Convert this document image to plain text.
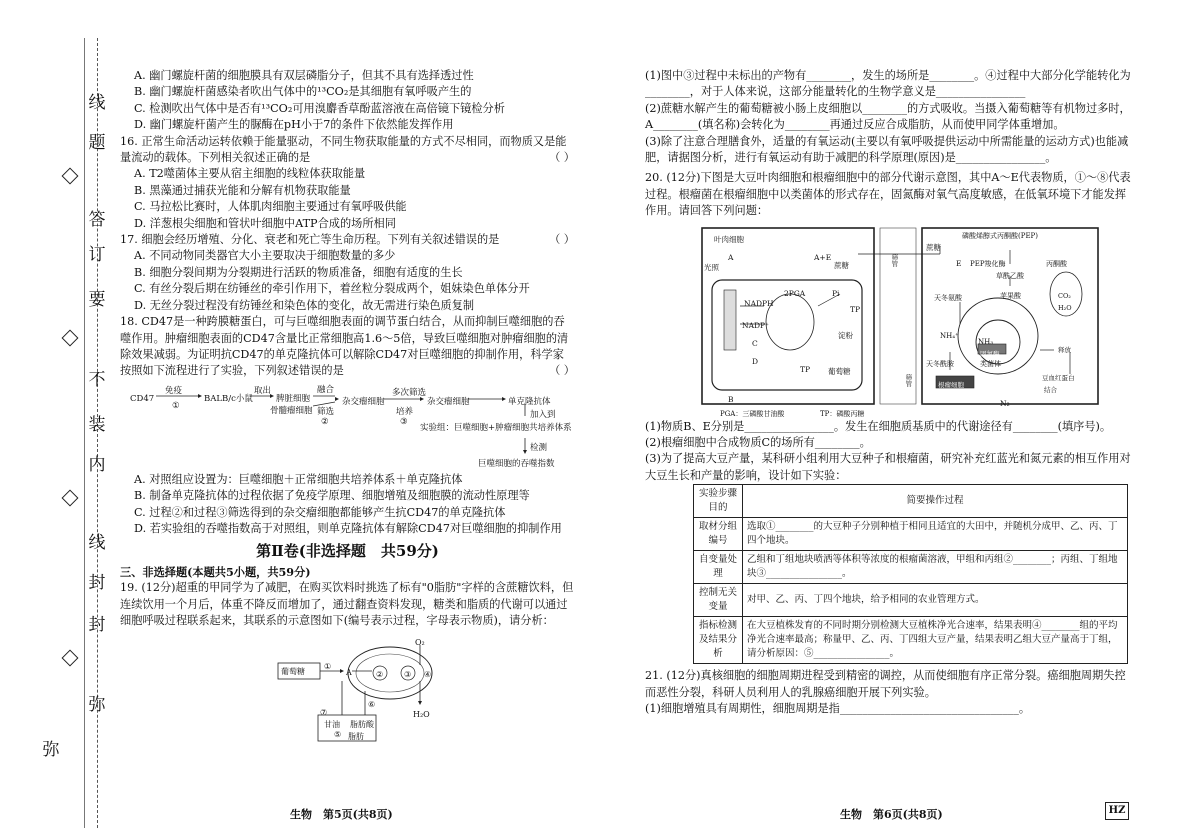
线
题
答
订
要
不
装
内
线
封
封
弥
弥

A. 幽门螺旋杆菌的细胞膜具有双层磷脂分子，但其不具有选择透过性

B. 幽门螺旋杆菌感染者吹出气体中的¹³CO₂是其细胞有氧呼吸产生的

C. 检测吹出气体中是否有¹³CO₂可用溴麝香草酚蓝溶液在高倍镜下镜检分析

D. 幽门螺旋杆菌产生的脲酶在pH小于7的条件下依然能发挥作用

16. 正常生命活动运转依赖于能量驱动，不同生物获取能量的方式不尽相同，而物质又是能量流动的载体。下列相关叙述正确的是	（ ）

A. T2噬菌体主要从宿主细胞的线粒体获取能量

B. 黑藻通过捕获光能和分解有机物获取能量

C. 马拉松比赛时，人体肌肉细胞主要通过有氧呼吸供能

D. 洋葱根尖细胞和管状叶细胞中ATP合成的场所相同

17. 细胞会经历增殖、分化、衰老和死亡等生命历程。下列有关叙述错误的是	（ ）

A. 不同动物同类器官大小主要取决于细胞数量的多少

B. 细胞分裂间期为分裂期进行活跃的物质准备，细胞有适度的生长

C. 有丝分裂后期在纺锤丝的牵引作用下，着丝粒分裂成两个，姐妹染色单体分开

D. 无丝分裂过程没有纺锤丝和染色体的变化，故无需进行染色质复制

18. CD47是一种跨膜糖蛋白，可与巨噬细胞表面的调节蛋白结合，从而抑制巨噬细胞的吞噬作用。肿瘤细胞表面的CD47含量比正常细胞高1.6～5倍，导致巨噬细胞对肿瘤细胞的清除效果减弱。为证明抗CD47的单克隆抗体可以解除CD47对巨噬细胞的抑制作用，科学家按照如下流程进行了实验，下列叙述错误的是	（ ）

CD47
免疫
①
BALB/c小鼠
取出
脾脏细胞
骨髓瘤细胞
融合
筛选
②
杂交瘤细胞
多次筛选
培养
③
杂交瘤细胞	单克隆抗体
加入到
实验组：巨噬细胞+肿瘤细胞共培养体系
检测
巨噬细胞的吞噬指数

A. 对照组应设置为：巨噬细胞＋正常细胞共培养体系＋单克隆抗体

B. 制备单克隆抗体的过程依据了免疫学原理、细胞增殖及细胞膜的流动性原理等

C. 过程②和过程③筛选得到的杂交瘤细胞都能够产生抗CD47的单克隆抗体

D. 若实验组的吞噬指数高于对照组，则单克隆抗体有解除CD47对巨噬细胞的抑制作用

第Ⅱ卷(非选择题　共59分)

三、非选择题(本题共5小题，共59分)

19. (12分)超重的甲同学为了减肥，在购买饮料时挑选了标有"0脂肪"字样的含蔗糖饮料，但连续饮用一个月后，体重不降反而增加了，通过翻查资料发现，糖类和脂质的代谢可以通过细胞呼吸过程联系起来，其联系的示意图如下(编号表示过程，字母表示物质)，请分析：

葡萄糖	A
①
②	③ ④
⑦
⑥
O₂
H₂O
甘油 脂肪酸
⑤ 脂肪
生物　第5页(共8页)

(1)图中③过程中未标出的产物有________，发生的场所是________。④过程中大部分化学能转化为________，对于人体来说，这部分能量转化的生物学意义是________________

(2)蔗糖水解产生的葡萄糖被小肠上皮细胞以________的方式吸收。当摄入葡萄糖等有机物过多时，A________(填名称)会转化为________再通过反应合成脂肪，从而使甲同学体重增加。

(3)除了注意合理膳食外，适量的有氧运动(主要以有氧呼吸提供运动中所需能量的运动方式)也能减肥，请据图分析，进行有氧运动有助于减肥的科学原理(原因)是________________。

20. (12分)下图是大豆叶肉细胞和根瘤细胞中的部分代谢示意图，其中A～E代表物质，①～⑧代表过程。根瘤菌在根瘤细胞中以类菌体的形式存在，固氮酶对氧气高度敏感，在低氧环境下才能发挥作用。请回答下列问题：

叶肉细胞
光照
A	A+E
NADPH
NADP⁺
2PGA
C
D
TP
TP
Pi
B
蔗糖
淀粉
葡萄糖
蔗糖
磷酸烯醇式丙酮酸(PEP)
E PEP羧化酶	丙酮酸
草酰乙酸
苹果酸
天冬氨酸
NH₄⁺
天冬酰胺
NH₃
固氮酶
类菌体
根瘤细胞
CO₂
H₂O
N₂
豆血红蛋白
结合
释放
筛管
筛管
PGA：三磷酸甘油酸	TP：磷酸丙糖

(1)物质B、E分别是________________。发生在细胞质基质中的代谢途径有________(填序号)。

(2)根瘤细胞中合成物质C的场所有________。

(3)为了提高大豆产量，某科研小组利用大豆种子和根瘤菌，研究补充红蓝光和氮元素的相互作用对大豆生长和产量的影响，设计如下实验：

实验步骤目的	简要操作过程
取材分组编号	选取①________的大豆种子分别种植于相同且适宜的大田中，并随机分成甲、乙、丙、丁四个地块。
自变量处理	乙组和丁组地块喷洒等体积等浓度的根瘤菌溶液，甲组和丙组②________；丙组、丁组地块③________________。
控制无关变量	对甲、乙、丙、丁四个地块，给予相同的农业管理方式。
指标检测及结果分析	在大豆植株发育的不同时期分别检测大豆植株净光合速率，结果表明④________组的平均净光合速率最高；称量甲、乙、丙、丁四组大豆产量，结果表明乙组大豆产量高于丁组，请分析原因：⑤________________。

21. (12分)真核细胞的细胞周期进程受到精密的调控，从而使细胞有序正常分裂。癌细胞周期失控而恶性分裂，科研人员利用人的乳腺癌细胞开展下列实验。

(1)细胞增殖具有周期性，细胞周期是指________________________________。

生物　第6页(共8页)	HZ
